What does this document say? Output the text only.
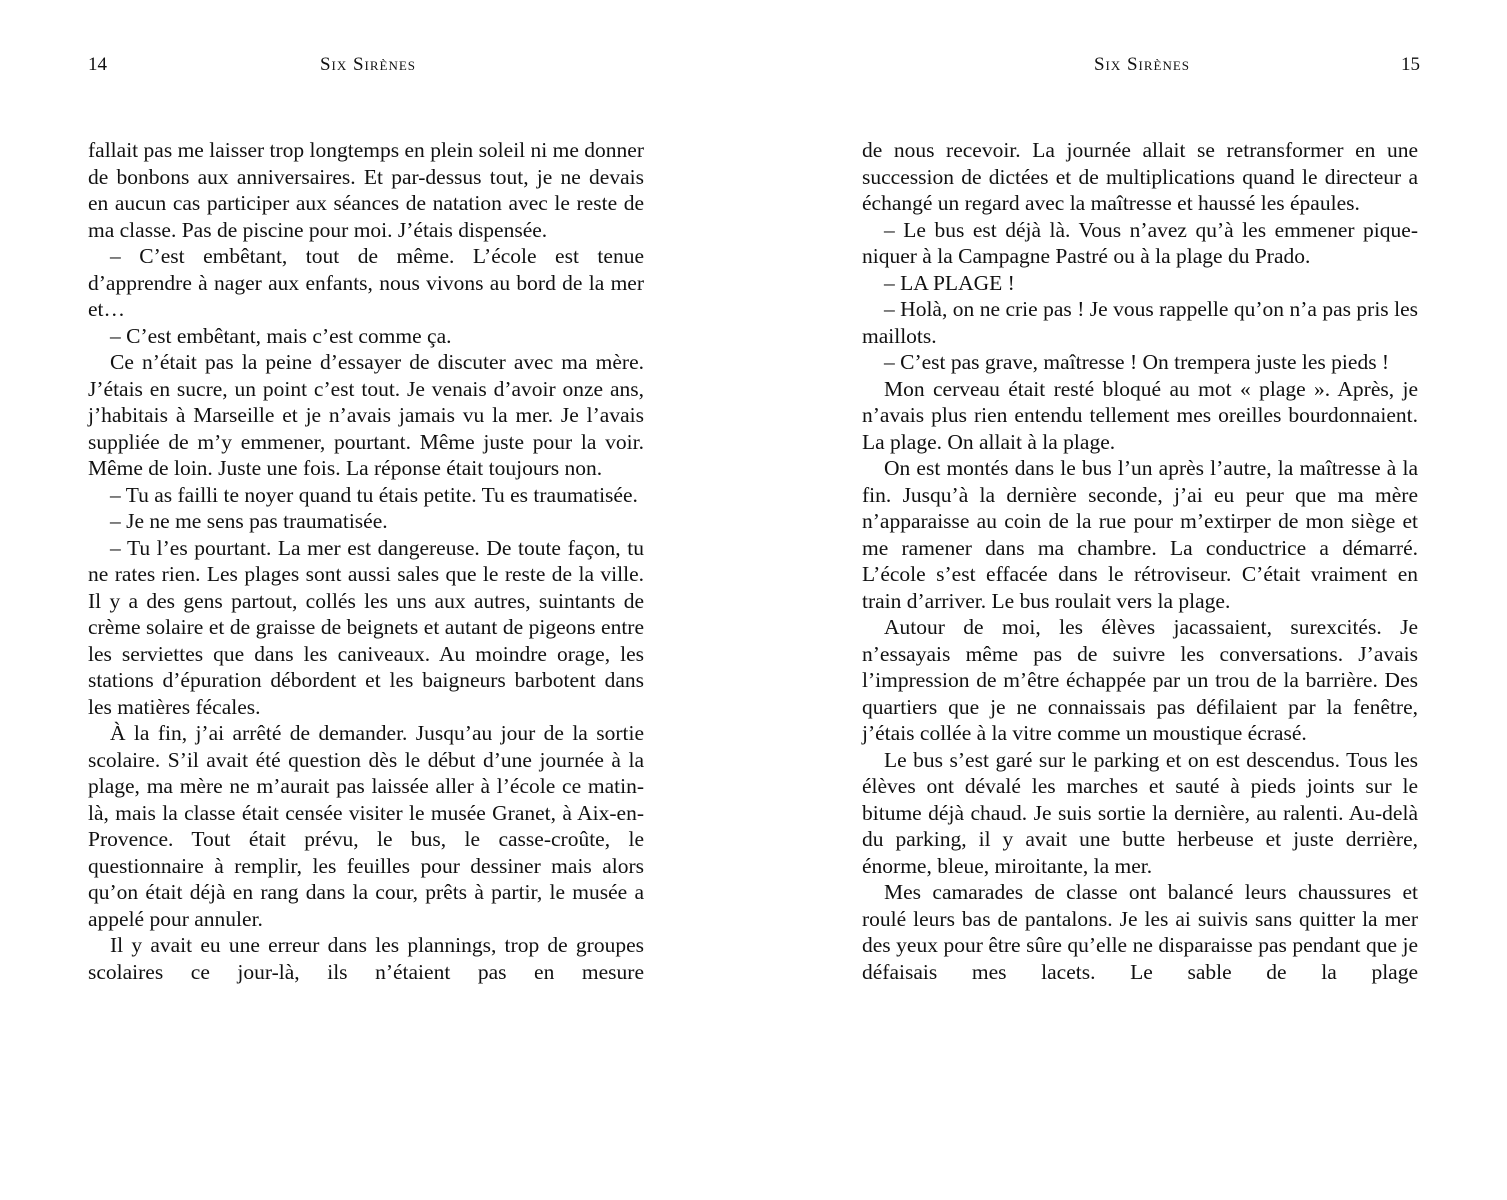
14	Six Sirènes

fallait pas me laisser trop longtemps en plein soleil ni me donner de bonbons aux anniversaires. Et par-dessus tout, je ne devais en aucun cas participer aux séances de natation avec le reste de ma classe. Pas de piscine pour moi. J’étais dispensée.

– C’est embêtant, tout de même. L’école est tenue d’apprendre à nager aux enfants, nous vivons au bord de la mer et…

– C’est embêtant, mais c’est comme ça.

Ce n’était pas la peine d’essayer de discuter avec ma mère. J’étais en sucre, un point c’est tout. Je venais d’avoir onze ans, j’habitais à Marseille et je n’avais jamais vu la mer. Je l’avais suppliée de m’y emmener, pourtant. Même juste pour la voir. Même de loin. Juste une fois. La réponse était toujours non.

– Tu as failli te noyer quand tu étais petite. Tu es traumatisée.

– Je ne me sens pas traumatisée.

– Tu l’es pourtant. La mer est dangereuse. De toute façon, tu ne rates rien. Les plages sont aussi sales que le reste de la ville. Il y a des gens partout, collés les uns aux autres, suintants de crème solaire et de graisse de beignets et autant de pigeons entre les serviettes que dans les caniveaux. Au moindre orage, les stations d’épuration débordent et les baigneurs barbotent dans les matières fécales.

À la fin, j’ai arrêté de demander. Jusqu’au jour de la sortie scolaire. S’il avait été question dès le début d’une journée à la plage, ma mère ne m’aurait pas laissée aller à l’école ce matin-là, mais la classe était censée visiter le musée Granet, à Aix-en-Provence. Tout était prévu, le bus, le casse-croûte, le questionnaire à remplir, les feuilles pour dessiner mais alors qu’on était déjà en rang dans la cour, prêts à partir, le musée a appelé pour annuler.

Il y avait eu une erreur dans les plannings, trop de groupes scolaires ce jour-là, ils n’étaient pas en mesure

Six Sirènes	15

de nous recevoir. La journée allait se retransformer en une succession de dictées et de multiplications quand le directeur a échangé un regard avec la maîtresse et haussé les épaules.

– Le bus est déjà là. Vous n’avez qu’à les emmener pique-niquer à la Campagne Pastré ou à la plage du Prado.

– LA PLAGE !

– Holà, on ne crie pas ! Je vous rappelle qu’on n’a pas pris les maillots.

– C’est pas grave, maîtresse ! On trempera juste les pieds !

Mon cerveau était resté bloqué au mot « plage ». Après, je n’avais plus rien entendu tellement mes oreilles bourdonnaient. La plage. On allait à la plage.

On est montés dans le bus l’un après l’autre, la maîtresse à la fin. Jusqu’à la dernière seconde, j’ai eu peur que ma mère n’apparaisse au coin de la rue pour m’extirper de mon siège et me ramener dans ma chambre. La conductrice a démarré. L’école s’est effacée dans le rétroviseur. C’était vraiment en train d’arriver. Le bus roulait vers la plage.

Autour de moi, les élèves jacassaient, surexcités. Je n’essayais même pas de suivre les conversations. J’avais l’impression de m’être échappée par un trou de la barrière. Des quartiers que je ne connaissais pas défilaient par la fenêtre, j’étais collée à la vitre comme un moustique écrasé.

Le bus s’est garé sur le parking et on est descendus. Tous les élèves ont dévalé les marches et sauté à pieds joints sur le bitume déjà chaud. Je suis sortie la dernière, au ralenti. Au-delà du parking, il y avait une butte herbeuse et juste derrière, énorme, bleue, miroitante, la mer.

Mes camarades de classe ont balancé leurs chaussures et roulé leurs bas de pantalons. Je les ai suivis sans quitter la mer des yeux pour être sûre qu’elle ne disparaisse pas pendant que je défaisais mes lacets. Le sable de la plage
